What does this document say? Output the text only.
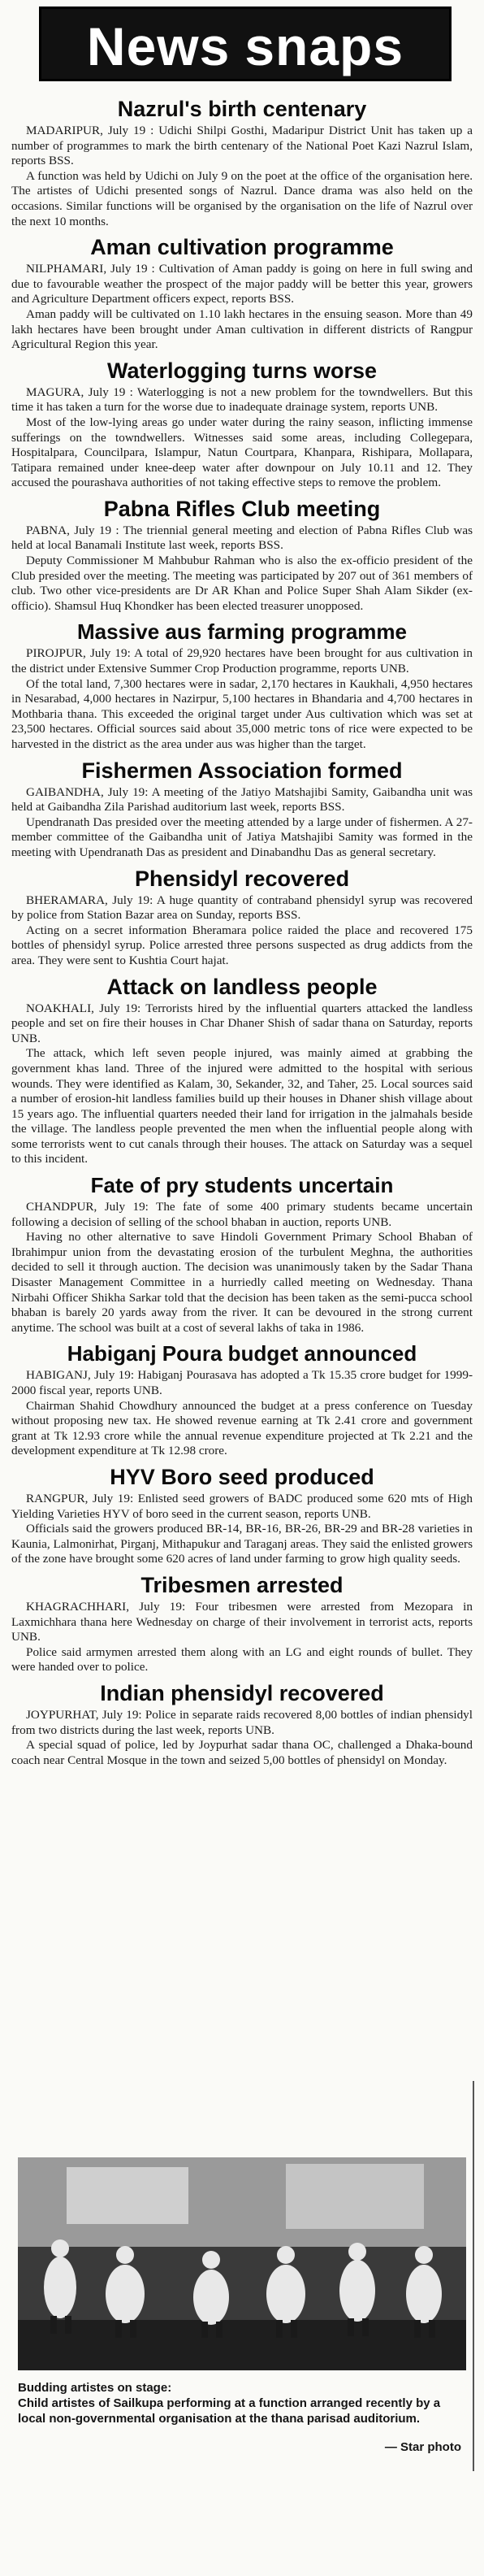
News snaps
Nazrul's birth centenary

MADARIPUR, July 19 : Udichi Shilpi Gosthi, Madaripur District Unit has taken up a number of programmes to mark the birth centenary of the National Poet Kazi Nazrul Islam, reports BSS.

A function was held by Udichi on July 9 on the poet at the office of the organisation here. The artistes of Udichi presented songs of Nazrul. Dance drama was also held on the occasions. Similar functions will be organised by the organisation on the life of Nazrul over the next 10 months.

Aman cultivation programme

NILPHAMARI, July 19 : Cultivation of Aman paddy is going on here in full swing and due to favourable weather the prospect of the major paddy will be better this year, growers and Agriculture Department officers expect, reports BSS.

Aman paddy will be cultivated on 1.10 lakh hectares in the ensuing season. More than 49 lakh hectares have been brought under Aman cultivation in different districts of Rangpur Agricultural Region this year.

Waterlogging turns worse

MAGURA, July 19 : Waterlogging is not a new problem for the towndwellers. But this time it has taken a turn for the worse due to inadequate drainage system, reports UNB.

Most of the low-lying areas go under water during the rainy season, inflicting immense sufferings on the towndwellers. Witnesses said some areas, including Collegepara, Hospitalpara, Councilpara, Islampur, Natun Courtpara, Khanpara, Rishipara, Mollapara, Tatipara remained under knee-deep water after downpour on July 10.11 and 12. They accused the pourashava authorities of not taking effective steps to remove the problem.

Pabna Rifles Club meeting

PABNA, July 19 : The triennial general meeting and election of Pabna Rifles Club was held at local Banamali Institute last week, reports BSS.

Deputy Commissioner M Mahbubur Rahman who is also the ex-officio president of the Club presided over the meeting. The meeting was participated by 207 out of 361 members of club. Two other vice-presidents are Dr AR Khan and Police Super Shah Alam Sikder (ex-officio). Shamsul Huq Khondker has been elected treasurer unopposed.

Massive aus farming programme

PIROJPUR, July 19: A total of 29,920 hectares have been brought for aus cultivation in the district under Extensive Summer Crop Production programme, reports UNB.

Of the total land, 7,300 hectares were in sadar, 2,170 hectares in Kaukhali, 4,950 hectares in Nesarabad, 4,000 hectares in Nazirpur, 5,100 hectares in Bhandaria and 4,700 hectares in Mothbaria thana. This exceeded the original target under Aus cultivation which was set at 23,500 hectares. Official sources said about 35,000 metric tons of rice were expected to be harvested in the district as the area under aus was higher than the target.

Fishermen Association formed

GAIBANDHA, July 19: A meeting of the Jatiyo Matshajibi Samity, Gaibandha unit was held at Gaibandha Zila Parishad auditorium last week, reports BSS.

Upendranath Das presided over the meeting attended by a large under of fishermen. A 27-member committee of the Gaibandha unit of Jatiya Matshajibi Samity was formed in the meeting with Upendranath Das as president and Dinabandhu Das as general secretary.

Phensidyl recovered

BHERAMARA, July 19: A huge quantity of contraband phensidyl syrup was recovered by police from Station Bazar area on Sunday, reports BSS.

Acting on a secret information Bheramara police raided the place and recovered 175 bottles of phensidyl syrup. Police arrested three persons suspected as drug addicts from the area. They were sent to Kushtia Court hajat.

Attack on landless people

NOAKHALI, July 19: Terrorists hired by the influential quarters attacked the landless people and set on fire their houses in Char Dhaner Shish of sadar thana on Saturday, reports UNB.

The attack, which left seven people injured, was mainly aimed at grabbing the government khas land. Three of the injured were admitted to the hospital with serious wounds. They were identified as Kalam, 30, Sekander, 32, and Taher, 25. Local sources said a number of erosion-hit landless families build up their houses in Dhaner shish village about 15 years ago. The influential quarters needed their land for irrigation in the jalmahals beside the village. The landless people prevented the men when the influential people along with some terrorists went to cut canals through their houses. The attack on Saturday was a sequel to this incident.

Fate of pry students uncertain

CHANDPUR, July 19: The fate of some 400 primary students became uncertain following a decision of selling of the school bhaban in auction, reports UNB.

Having no other alternative to save Hindoli Government Primary School Bhaban of Ibrahimpur union from the devastating erosion of the turbulent Meghna, the authorities decided to sell it through auction. The decision was unanimously taken by the Sadar Thana Disaster Management Committee in a hurriedly called meeting on Wednesday. Thana Nirbahi Officer Shikha Sarkar told that the decision has been taken as the semi-pucca school bhaban is barely 20 yards away from the river. It can be devoured in the strong current anytime. The school was built at a cost of several lakhs of taka in 1986.

Habiganj Poura budget announced

HABIGANJ, July 19: Habiganj Pourasava has adopted a Tk 15.35 crore budget for 1999-2000 fiscal year, reports UNB.

Chairman Shahid Chowdhury announced the budget at a press conference on Tuesday without proposing new tax. He showed revenue earning at Tk 2.41 crore and government grant at Tk 12.93 crore while the annual revenue expenditure projected at Tk 2.21 and the development expenditure at Tk 12.98 crore.

HYV Boro seed produced

RANGPUR, July 19: Enlisted seed growers of BADC produced some 620 mts of High Yielding Varieties HYV of boro seed in the current season, reports UNB.

Officials said the growers produced BR-14, BR-16, BR-26, BR-29 and BR-28 varieties in Kaunia, Lalmonirhat, Pirganj, Mithapukur and Taraganj areas. They said the enlisted growers of the zone have brought some 620 acres of land under farming to grow high quality seeds.

Tribesmen arrested

KHAGRACHHARI, July 19: Four tribesmen were arrested from Mezopara in Laxmichhara thana here Wednesday on charge of their involvement in terrorist acts, reports UNB.

Police said armymen arrested them along with an LG and eight rounds of bullet. They were handed over to police.

Indian phensidyl recovered

JOYPURHAT, July 19: Police in separate raids recovered 8,00 bottles of indian phensidyl from two districts during the last week, reports UNB.

A special squad of police, led by Joypurhat sadar thana OC, challenged a Dhaka-bound coach near Central Mosque in the town and seized 5,00 bottles of phensidyl on Monday.

Budding artistes on stage:
Child artistes of Sailkupa performing at a function arranged recently by a local non-governmental organisation at the thana parisad auditorium.
— Star photo
